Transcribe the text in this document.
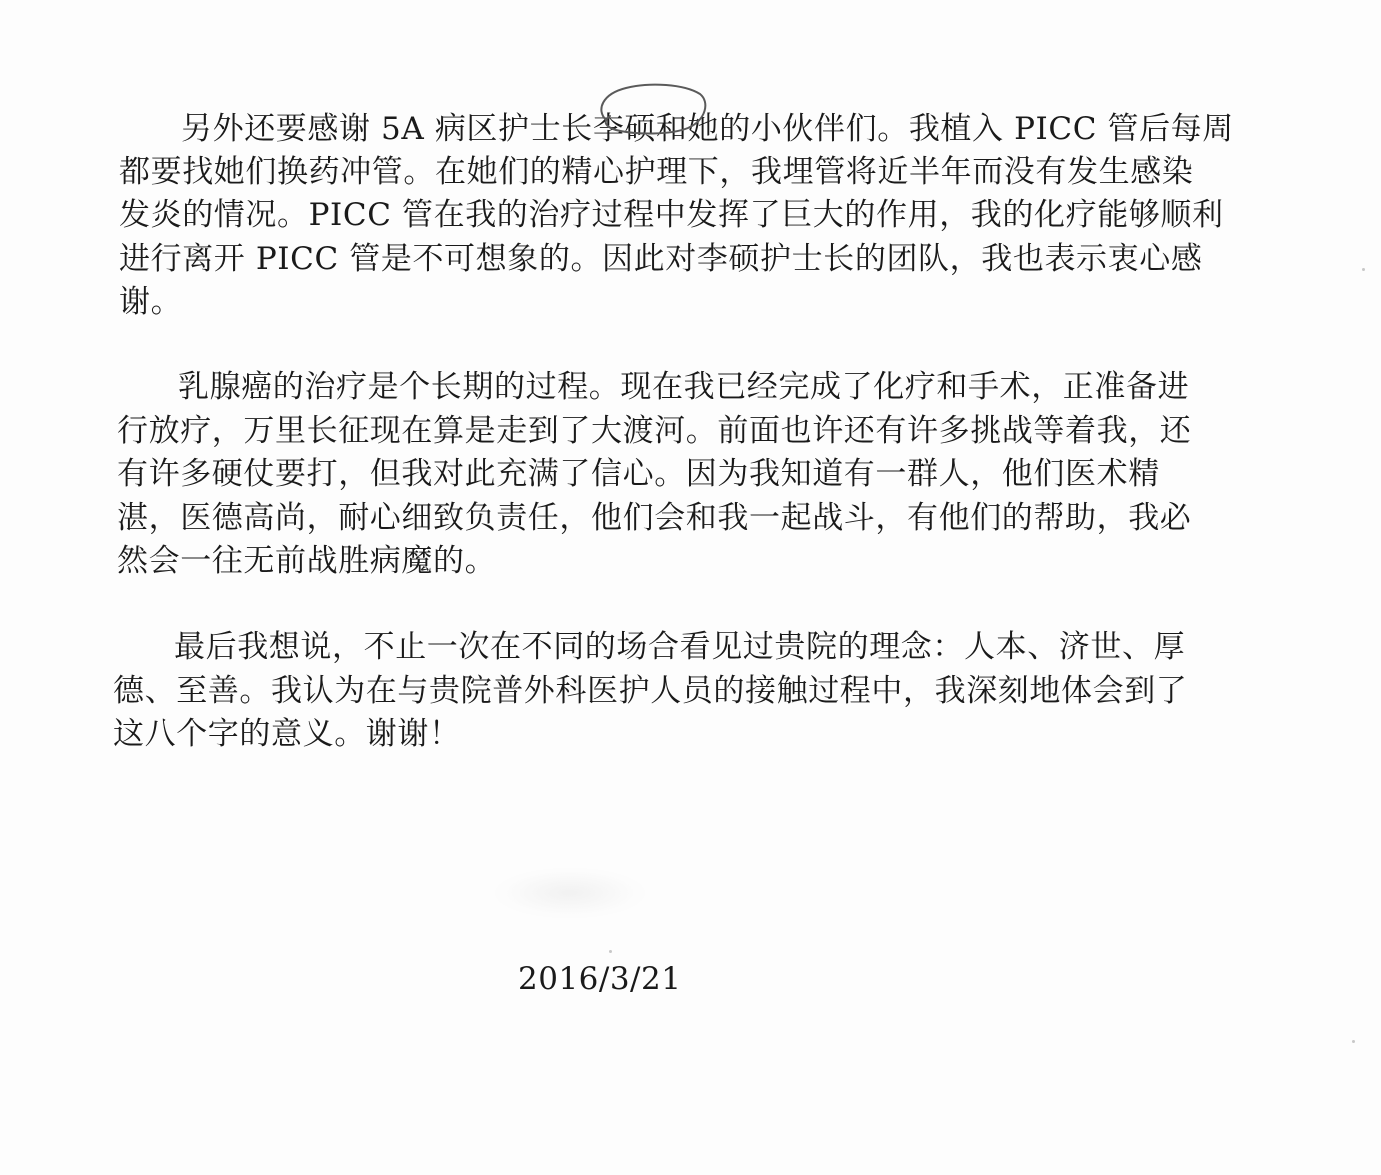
另外还要感谢 5A 病区护士长李硕和她的小伙伴们。我植入 PICC 管后每周
都要找她们换药冲管。在她们的精心护理下，我埋管将近半年而没有发生感染
发炎的情况。PICC 管在我的治疗过程中发挥了巨大的作用，我的化疗能够顺利
进行离开 PICC 管是不可想象的。因此对李硕护士长的团队，我也表示衷心感
谢。
乳腺癌的治疗是个长期的过程。现在我已经完成了化疗和手术，正准备进
行放疗，万里长征现在算是走到了大渡河。前面也许还有许多挑战等着我，还
有许多硬仗要打，但我对此充满了信心。因为我知道有一群人，他们医术精
湛，医德高尚，耐心细致负责任，他们会和我一起战斗，有他们的帮助，我必
然会一往无前战胜病魔的。
最后我想说，不止一次在不同的场合看见过贵院的理念：人本、济世、厚
德、至善。我认为在与贵院普外科医护人员的接触过程中，我深刻地体会到了
这八个字的意义。谢谢！
2016/3/21
